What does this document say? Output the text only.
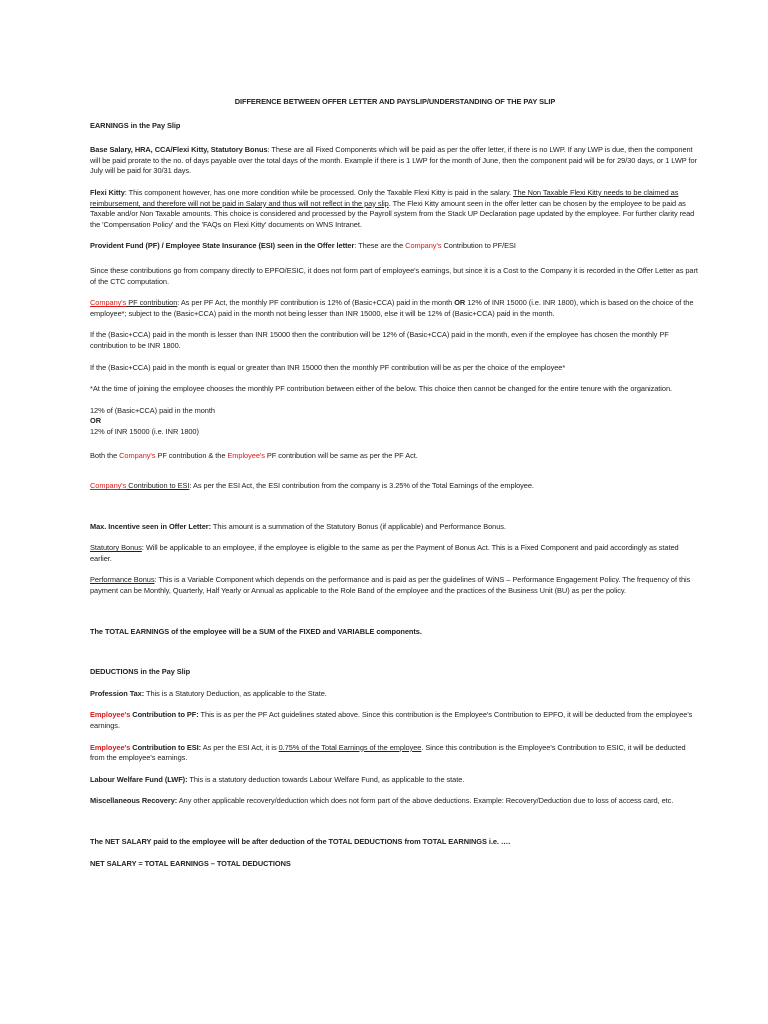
DIFFERENCE BETWEEN OFFER LETTER AND PAYSLIP/UNDERSTANDING OF THE PAY SLIP

EARNINGS in the Pay Slip

Base Salary, HRA, CCA/Flexi Kitty, Statutory Bonus: These are all Fixed Components which will be paid as per the offer letter, if there is no LWP. If any LWP is due, then the component will be paid prorate to the no. of days payable over the total days of the month. Example if there is 1 LWP for the month of June, then the component paid will be for 29/30 days, or 1 LWP for July will be paid for 30/31 days.

Flexi Kitty: This component however, has one more condition while be processed. Only the Taxable Flexi Kitty is paid in the salary. The Non Taxable Flexi Kitty needs to be claimed as reimbursement, and therefore will not be paid in Salary and thus will not reflect in the pay slip. The Flexi Kitty amount seen in the offer letter can be chosen by the employee to be paid as Taxable and/or Non Taxable amounts. This choice is considered and processed by the Payroll system from the Stack UP Declaration page updated by the employee. For further clarity read the 'Compensation Policy' and the 'FAQs on Flexi Kitty' documents on WNS Intranet.

Provident Fund (PF) / Employee State Insurance (ESI) seen in the Offer letter: These are the Company's Contribution to PF/ESI

Since these contributions go from company directly to EPFO/ESIC, it does not form part of employee's earnings, but since it is a Cost to the Company it is recorded in the Offer Letter as part of the CTC computation.

Company's PF contribution: As per PF Act, the monthly PF contribution is 12% of (Basic+CCA) paid in the month OR 12% of INR 15000 (i.e. INR 1800), which is based on the choice of the employee*; subject to the (Basic+CCA) paid in the month not being lesser than INR 15000, else it will be 12% of (Basic+CCA) paid in the month.

If the (Basic+CCA) paid in the month is lesser than INR 15000 then the contribution will be 12% of (Basic+CCA) paid in the month, even if the employee has chosen the monthly PF contribution to be INR 1800.

If the (Basic+CCA) paid in the month is equal or greater than INR 15000 then the monthly PF contribution will be as per the choice of the employee*

*At the time of joining the employee chooses the monthly PF contribution between either of the below. This choice then cannot be changed for the entire tenure with the organization.

12% of (Basic+CCA) paid in the month

OR

12% of INR 15000 (i.e. INR 1800)

Both the Company's PF contribution & the Employee's PF contribution will be same as per the PF Act.

Company's Contribution to ESI: As per the ESI Act, the ESI contribution from the company is 3.25% of the Total Earnings of the employee.

Max. Incentive seen in Offer Letter: This amount is a summation of the Statutory Bonus (if applicable) and Performance Bonus.

Statutory Bonus: Will be applicable to an employee, if the employee is eligible to the same as per the Payment of Bonus Act. This is a Fixed Component and paid accordingly as stated earlier.

Performance Bonus: This is a Variable Component which depends on the performance and is paid as per the guidelines of WiNS – Performance Engagement Policy. The frequency of this payment can be Monthly, Quarterly, Half Yearly or Annual as applicable to the Role Band of the employee and the practices of the Business Unit (BU) as per the policy.

The TOTAL EARNINGS of the employee will be a SUM of the FIXED and VARIABLE components.

DEDUCTIONS in the Pay Slip

Profession Tax: This is a Statutory Deduction, as applicable to the State.

Employee's Contribution to PF: This is as per the PF Act guidelines stated above. Since this contribution is the Employee's Contribution to EPFO, it will be deducted from the employee's earnings.

Employee's Contribution to ESI: As per the ESI Act, it is 0.75% of the Total Earnings of the employee. Since this contribution is the Employee's Contribution to ESIC, it will be deducted from the employee's earnings.

Labour Welfare Fund (LWF): This is a statutory deduction towards Labour Welfare Fund, as applicable to the state.

Miscellaneous Recovery: Any other applicable recovery/deduction which does not form part of the above deductions. Example: Recovery/Deduction due to loss of access card, etc.

The NET SALARY paid to the employee will be after deduction of the TOTAL DEDUCTIONS from TOTAL EARNINGS i.e. ….

NET SALARY = TOTAL EARNINGS – TOTAL DEDUCTIONS
